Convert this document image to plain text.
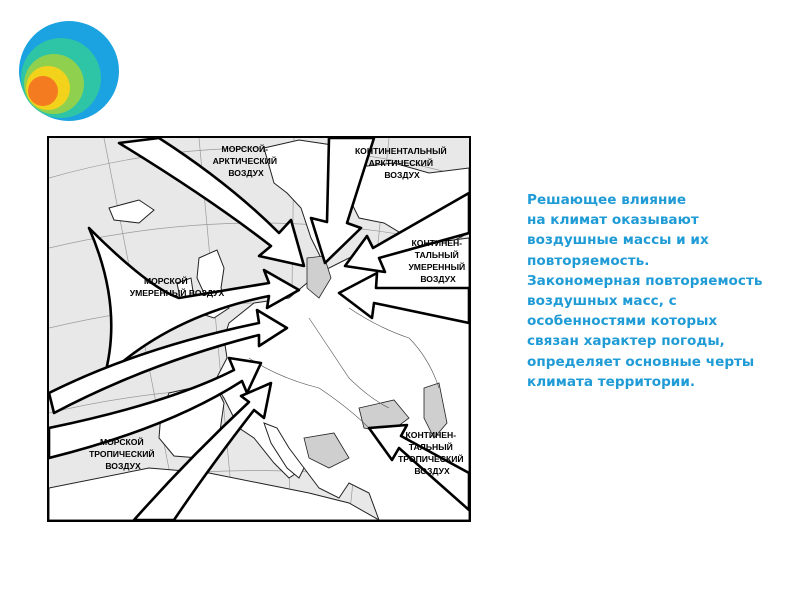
МОРСКОЙ- АРКТИЧЕСКИЙ ВОЗДУХ
КОНТИНЕНТАЛЬНЫЙ АРКТИЧЕСКИЙ ВОЗДУХ
КОНТИНЕН- ТАЛЬНЫЙ УМЕРЕННЫЙ ВОЗДУХ
МОРСКОЙ УМЕРЕННЫЙ ВОЗДУХ
МОРСКОЙ ТРОПИЧЕСКИЙ ВОЗДУХ
КОНТИНЕН- ТАЛЬНЫЙ ТРОПИЧЕСКИЙ ВОЗДУХ
Решающее влияние
на климат оказывают
воздушные массы и их
повторяемость.
Закономерная повторяемость
воздушных масс, с
особенностями которых
связан характер погоды,
определяет основные черты
климата территории.
